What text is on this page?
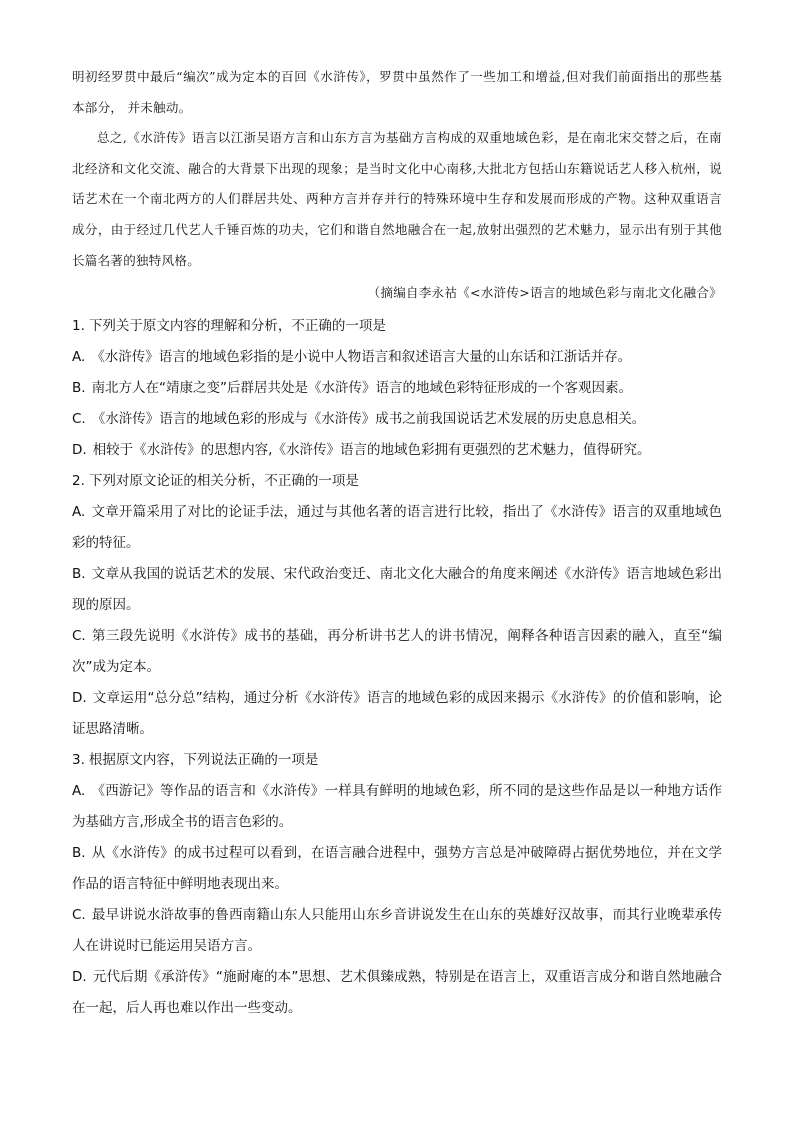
明初经罗贯中最后“编次”成为定本的百回《水浒传》，罗贯中虽然作了一些加工和增益,但对我们前面指出的那些基本部分， 并未触动。

总之,《水浒传》语言以江浙吴语方言和山东方言为基础方言构成的双重地域色彩，是在南北宋交替之后，在南北经济和文化交流、融合的大背景下出现的现象；是当时文化中心南移,大批北方包括山东籍说话艺人移入杭州，说话艺术在一个南北两方的人们群居共处、两种方言并存并行的特殊环境中生存和发展而形成的产物。这种双重语言成分，由于经过几代艺人千锤百炼的功夫，它们和谐自然地融合在一起,放射出强烈的艺术魅力，显示出有别于其他长篇名著的独特风格。

（摘编自李永祜《<水浒传>语言的地域色彩与南北文化融合》

1. 下列关于原文内容的理解和分析，不正确的一项是

A. 《水浒传》语言的地域色彩指的是小说中人物语言和叙述语言大量的山东话和江浙话并存。

B. 南北方人在“靖康之变”后群居共处是《水浒传》语言的地域色彩特征形成的一个客观因素。

C. 《水浒传》语言的地域色彩的形成与《水浒传》成书之前我国说话艺术发展的历史息息相关。

D. 相较于《水浒传》的思想内容,《水浒传》语言的地域色彩拥有更强烈的艺术魅力，值得研究。

2. 下列对原文论证的相关分析，不正确的一项是

A. 文章开篇采用了对比的论证手法，通过与其他名著的语言进行比较，指出了《水浒传》语言的双重地域色彩的特征。

B. 文章从我国的说话艺术的发展、宋代政治变迁、南北文化大融合的角度来阐述《水浒传》语言地域色彩出现的原因。

C. 第三段先说明《水浒传》成书的基础，再分析讲书艺人的讲书情况，阐释各种语言因素的融入，直至“编次”成为定本。

D. 文章运用“总分总”结构，通过分析《水浒传》语言的地域色彩的成因来揭示《水浒传》的价值和影响，论证思路清晰。

3. 根据原文内容，下列说法正确的一项是

A. 《西游记》等作品的语言和《水浒传》一样具有鲜明的地域色彩，所不同的是这些作品是以一种地方话作为基础方言,形成全书的语言色彩的。

B. 从《水浒传》的成书过程可以看到，在语言融合进程中，强势方言总是冲破障碍占据优势地位，并在文学作品的语言特征中鲜明地表现出来。

C. 最早讲说水浒故事的鲁西南籍山东人只能用山东乡音讲说发生在山东的英雄好汉故事，而其行业晚辈承传人在讲说时已能运用吴语方言。

D. 元代后期《承浒传》“施耐庵的本”思想、艺术俱臻成熟，特别是在语言上，双重语言成分和谐自然地融合在一起，后人再也难以作出一些变动。
